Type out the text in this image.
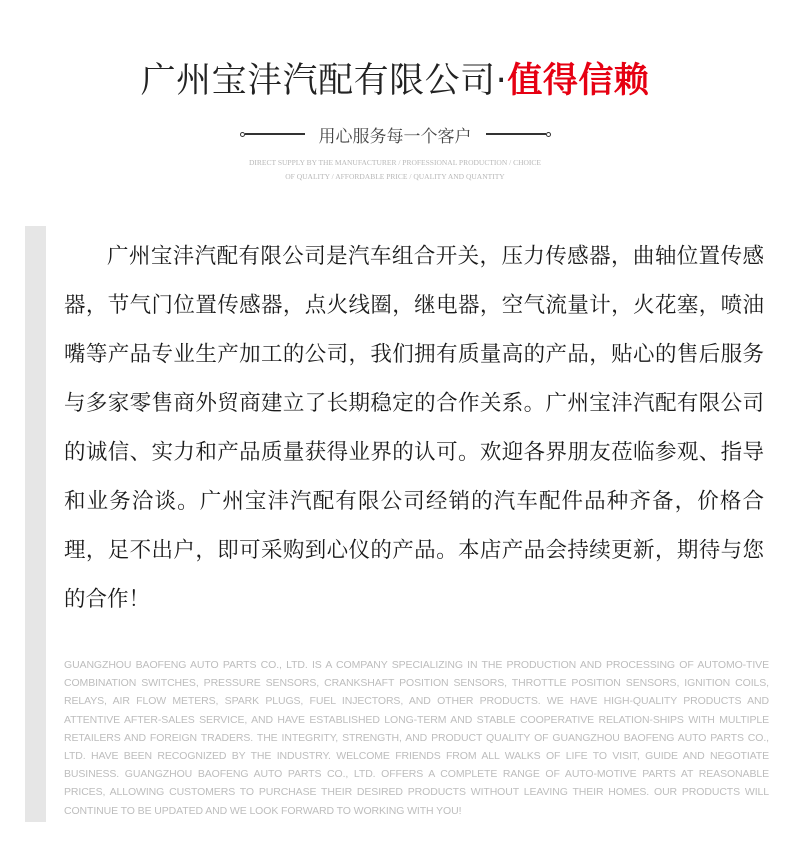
广州宝沣汽配有限公司·值得信赖
用心服务每一个客户
DIRECT SUPPLY BY THE MANUFACTURER / PROFESSIONAL PRODUCTION / CHOICE
OF QUALITY / AFFORDABLE PRICE / QUALITY AND QUANTITY

广州宝沣汽配有限公司是汽车组合开关，压力传感器，曲轴位置传感器，节气门位置传感器，点火线圈，继电器，空气流量计，火花塞，喷油嘴等产品专业生产加工的公司，我们拥有质量高的产品，贴心的售后服务与多家零售商外贸商建立了长期稳定的合作关系。广州宝沣汽配有限公司的诚信、实力和产品质量获得业界的认可。欢迎各界朋友莅临参观、指导和业务洽谈。广州宝沣汽配有限公司经销的汽车配件品种齐备，价格合理，足不出户，即可采购到心仪的产品。本店产品会持续更新，期待与您的合作！

GUANGZHOU BAOFENG AUTO PARTS CO., LTD. IS A COMPANY SPECIALIZING IN THE PRODUCTION AND PROCESSING OF AUTOMO-TIVE COMBINATION SWITCHES, PRESSURE SENSORS, CRANKSHAFT POSITION SENSORS, THROTTLE POSITION SENSORS, IGNITION COILS, RELAYS, AIR FLOW METERS, SPARK PLUGS, FUEL INJECTORS, AND OTHER PRODUCTS. WE HAVE HIGH-QUALITY PRODUCTS AND ATTENTIVE AFTER-SALES SERVICE, AND HAVE ESTABLISHED LONG-TERM AND STABLE COOPERATIVE RELATION-SHIPS WITH MULTIPLE RETAILERS AND FOREIGN TRADERS. THE INTEGRITY, STRENGTH, AND PRODUCT QUALITY OF GUANGZHOU BAOFENG AUTO PARTS CO., LTD. HAVE BEEN RECOGNIZED BY THE INDUSTRY. WELCOME FRIENDS FROM ALL WALKS OF LIFE TO VISIT, GUIDE AND NEGOTIATE BUSINESS. GUANGZHOU BAOFENG AUTO PARTS CO., LTD. OFFERS A COMPLETE RANGE OF AUTO-MOTIVE PARTS AT REASONABLE PRICES, ALLOWING CUSTOMERS TO PURCHASE THEIR DESIRED PRODUCTS WITHOUT LEAVING THEIR HOMES. OUR PRODUCTS WILL CONTINUE TO BE UPDATED AND WE LOOK FORWARD TO WORKING WITH YOU!
